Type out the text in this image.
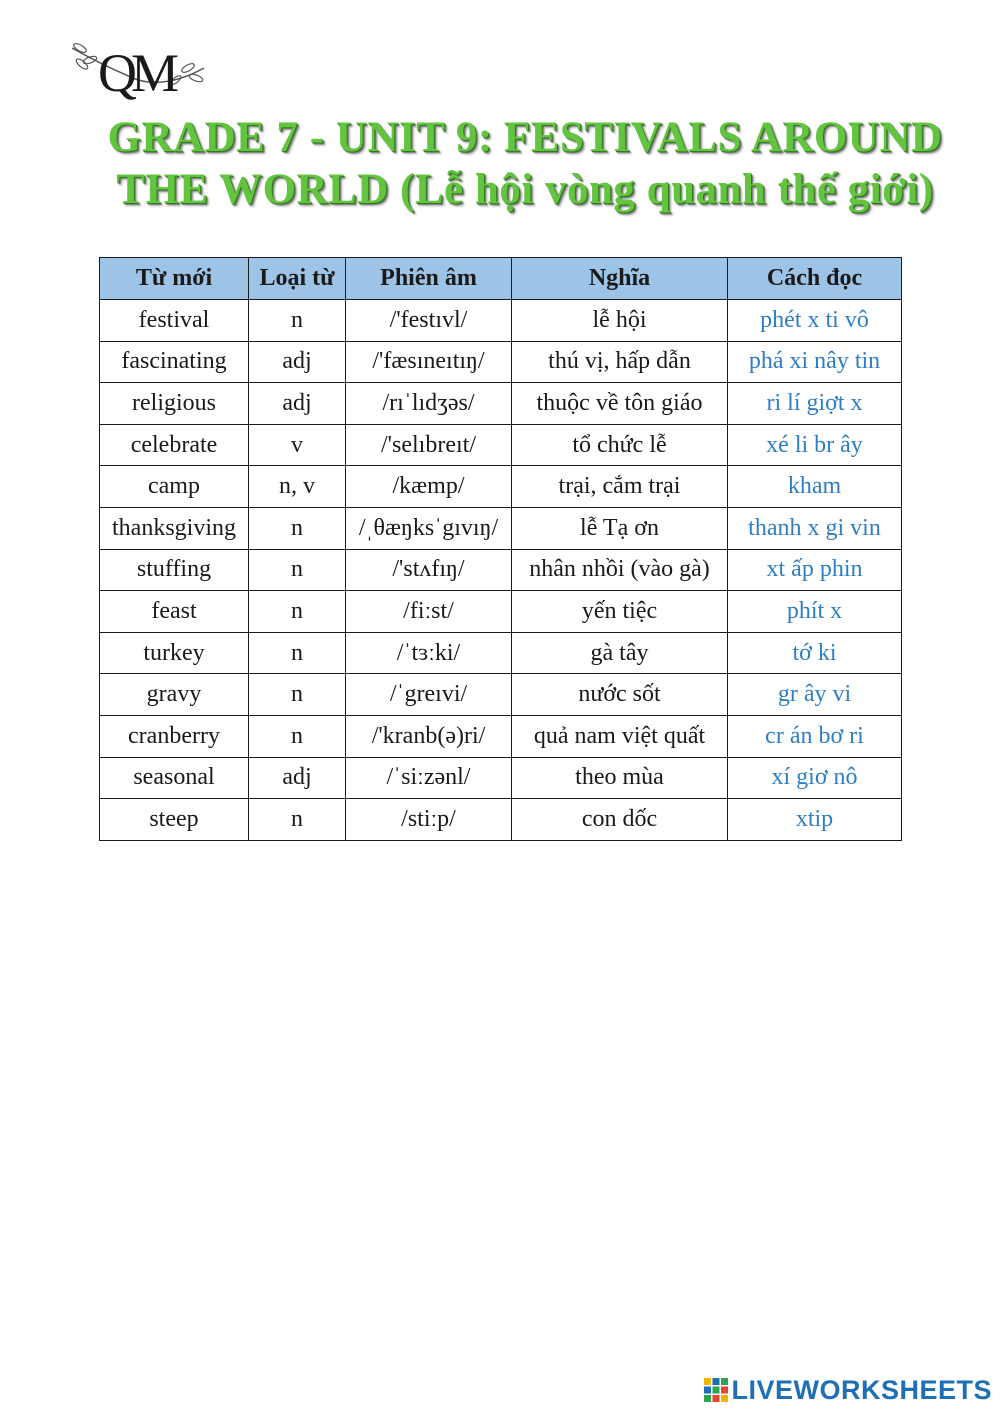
QM
GRADE 7 - UNIT 9: FESTIVALS AROUND
THE WORLD (Lễ hội vòng quanh thế giới)
Từ mới	Loại từ	Phiên âm	Nghĩa	Cách đọc
festival	n	/'festıvl/	lễ hội	phét x ti vô
fascinating	adj	/'fæsıneıtıŋ/	thú vị, hấp dẫn	phá xi nây tin
religious	adj	/rıˈlıdʒəs/	thuộc về tôn giáo	ri lí giợt x
celebrate	v	/'selıbreıt/	tổ chức lễ	xé li br ây
camp	n, v	/kæmp/	trại, cắm trại	kham
thanksgiving	n	/ˌθæŋksˈgıvıŋ/	lễ Tạ ơn	thanh x gi vin
stuffing	n	/'stʌfıŋ/	nhân nhồi (vào gà)	xt ấp phin
feast	n	/fiːst/	yến tiệc	phít x
turkey	n	/ˈtɜːki/	gà tây	tớ ki
gravy	n	/ˈgreıvi/	nước sốt	gr ây vi
cranberry	n	/'kranb(ə)ri/	quả nam việt quất	cr án bơ ri
seasonal	adj	/ˈsiːzənl/	theo mùa	xí giơ nô
steep	n	/stiːp/	con dốc	xtip
LIVEWORKSHEETS
